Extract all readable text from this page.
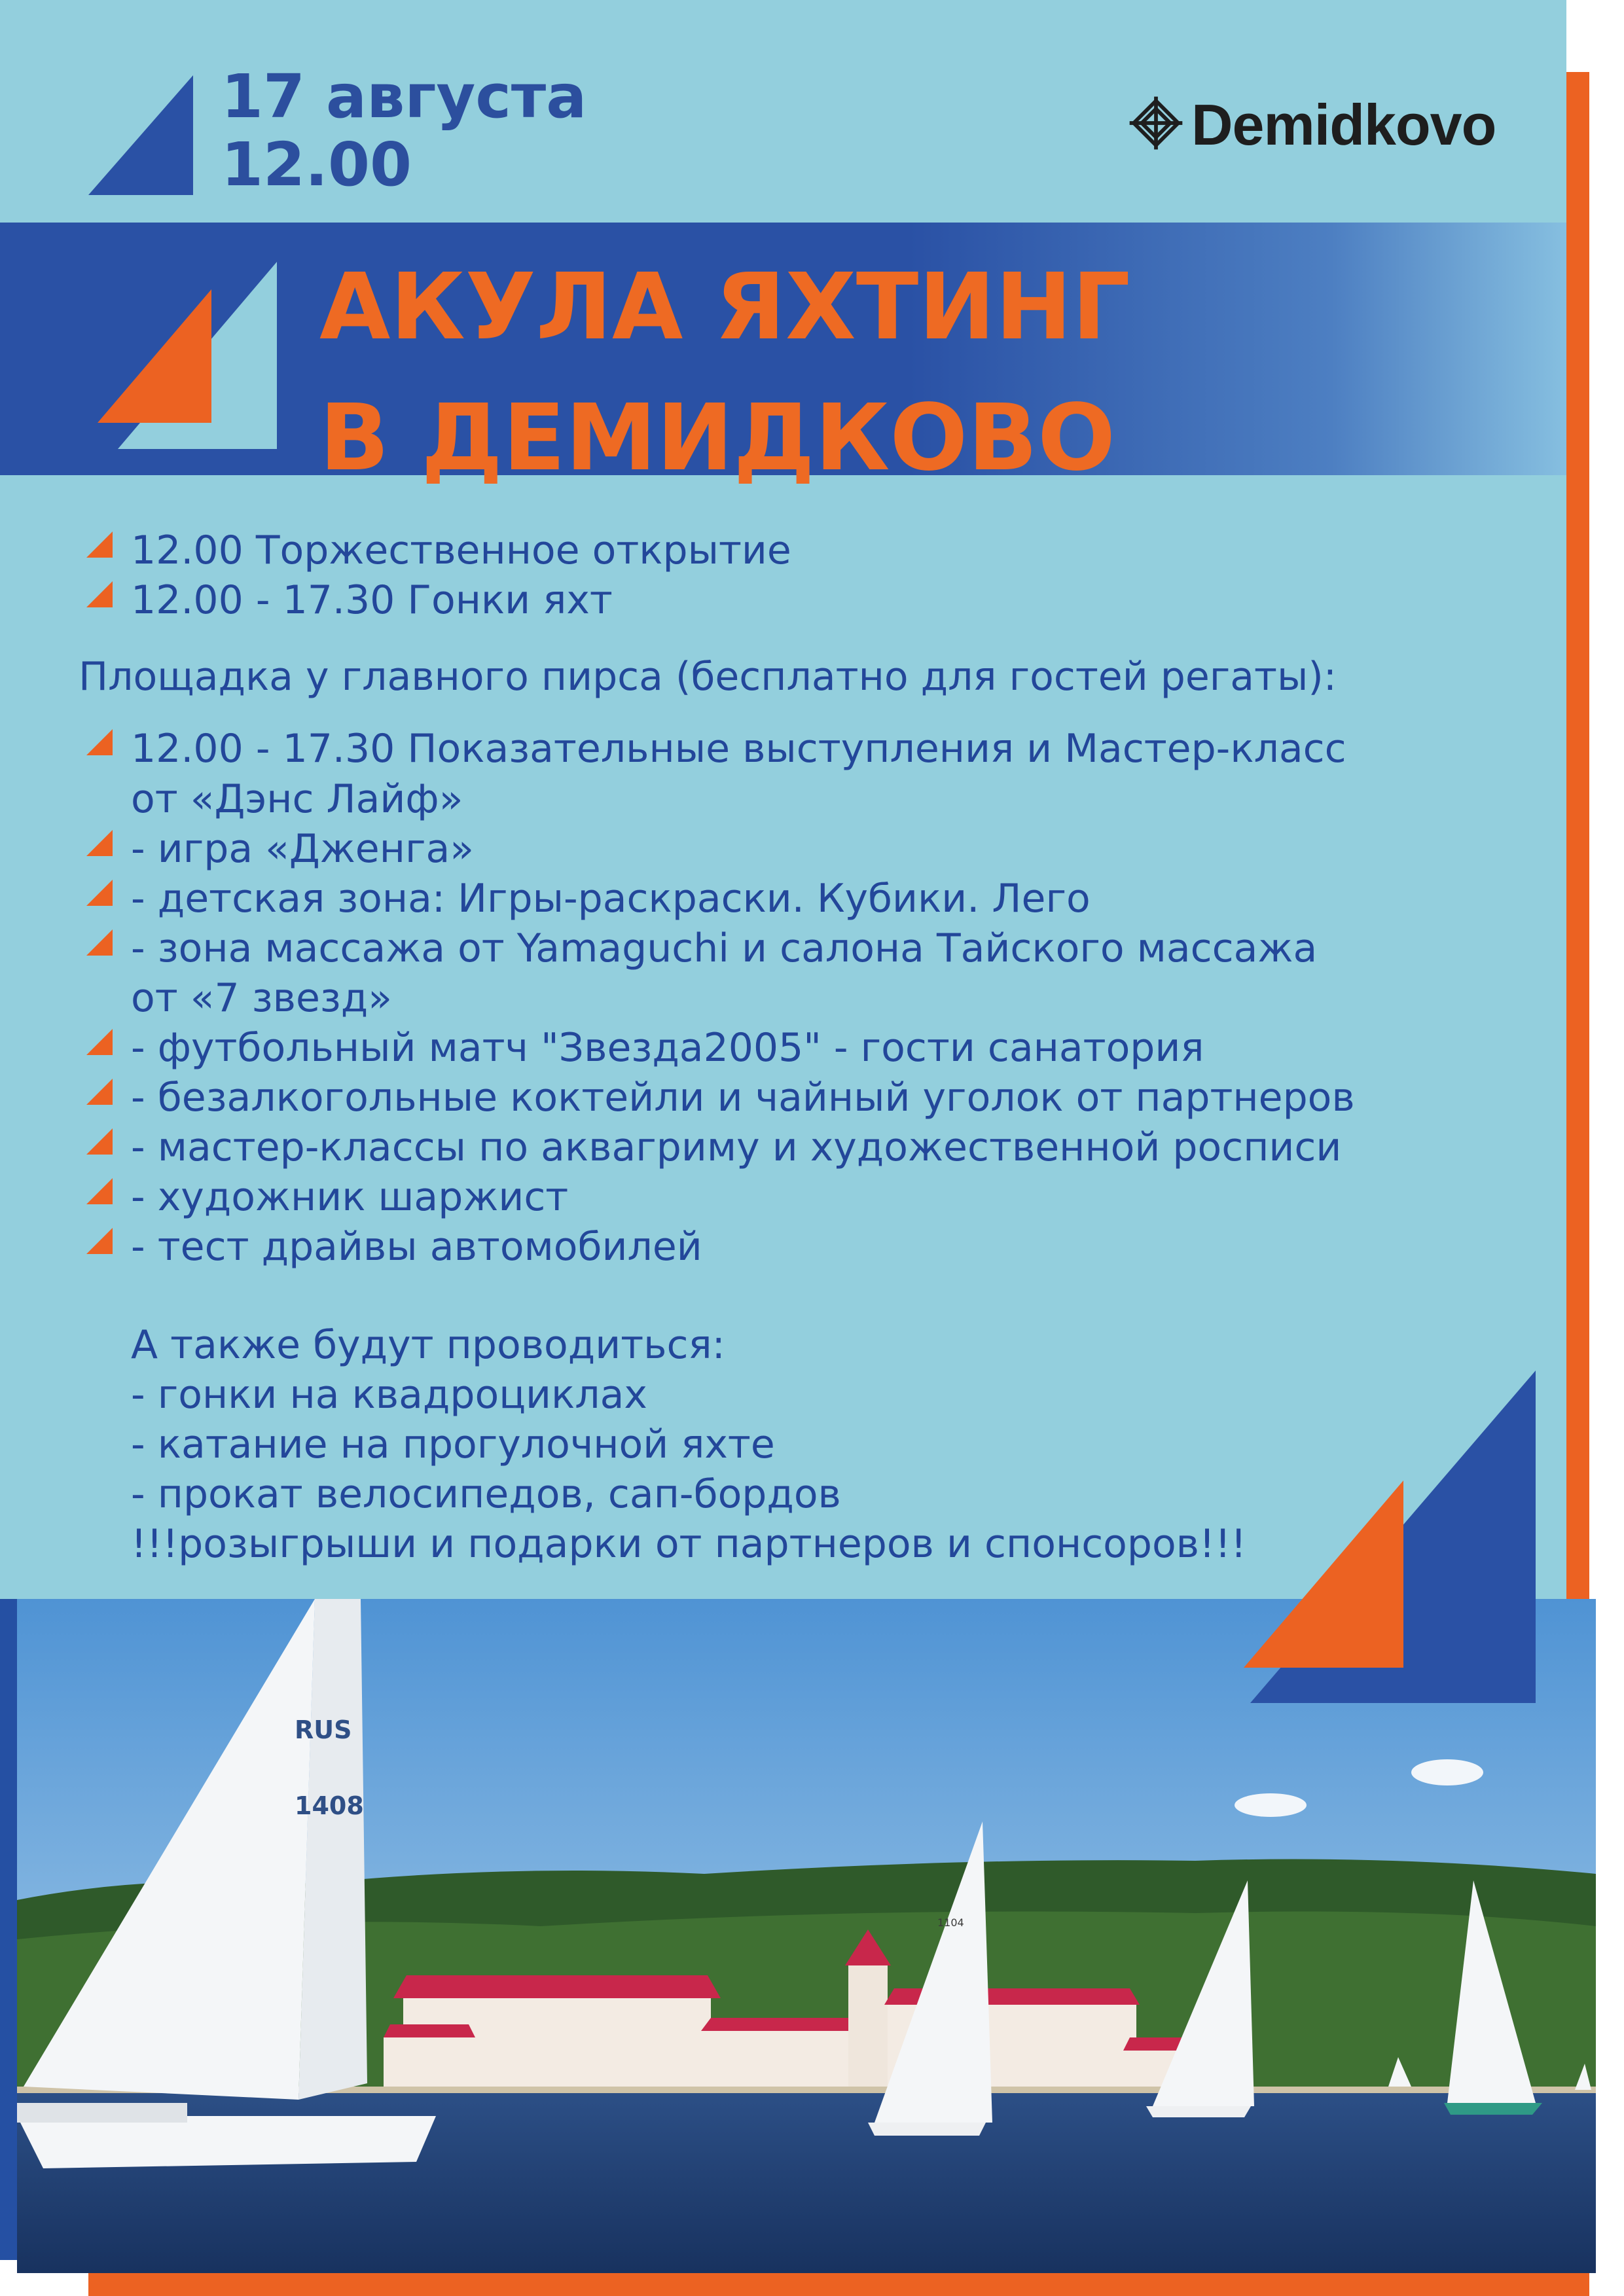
17 августа
12.00
Demidkovo
АКУЛА ЯХТИНГ
В ДЕМИДКОВО
12.00 Торжественное открытие
12.00 - 17.30 Гонки яхт
Площадка у главного пирса (бесплатно для гостей регаты):
12.00 - 17.30 Показательные выступления и Мастер-класс
от «Дэнс Лайф»
- игра «Дженга»
- детская зона: Игры-раскраски. Кубики. Лего
- зона массажа от Yamaguchi и салона Тайского массажа
от «7 звезд»
- футбольный матч "Звезда2005" - гости санатория
- безалкогольные коктейли и чайный уголок от партнеров
- мастер-классы по аквагриму и художественной росписи
- художник шаржист
- тест драйвы автомобилей
А также будут проводиться:
- гонки на квадроциклах
- катание на прогулочной яхте
- прокат велосипедов, сап-бордов
!!!розыгрыши и подарки от партнеров и спонсоров!!!
RUS
1408
1104
